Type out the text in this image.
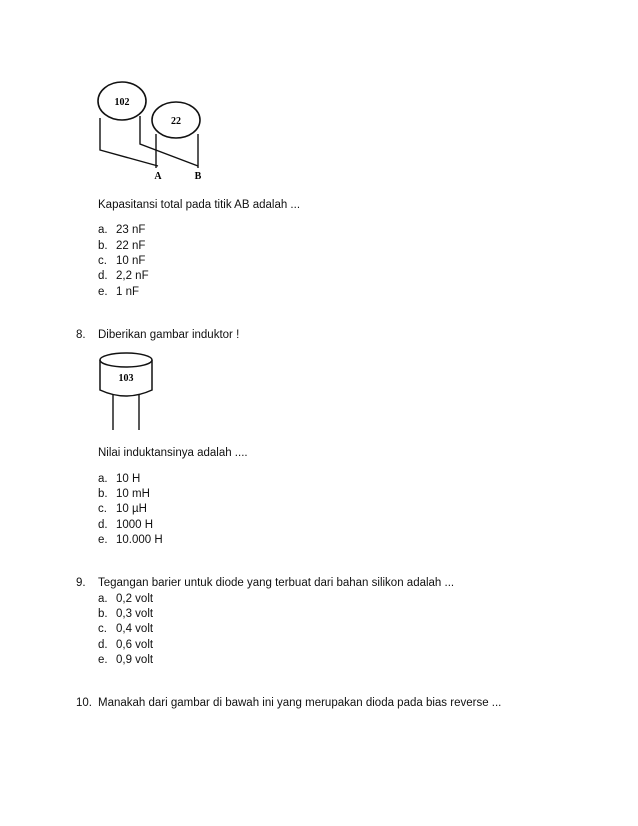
102
22
A	B
Kapasitansi total pada titik AB adalah ...
a. 23 nF
b. 22 nF
c. 10 nF
d. 2,2 nF
e. 1 nF
8. Diberikan gambar induktor !
103
Nilai induktansinya adalah ....
a. 10 H
b. 10 mH
c. 10 µH
d. 1000 H
e. 10.000 H
9. Tegangan barier untuk diode yang terbuat dari bahan silikon adalah ...
a. 0,2 volt
b. 0,3 volt
c. 0,4 volt
d. 0,6 volt
e. 0,9 volt
10. Manakah dari gambar di bawah ini yang merupakan dioda pada bias reverse ...
